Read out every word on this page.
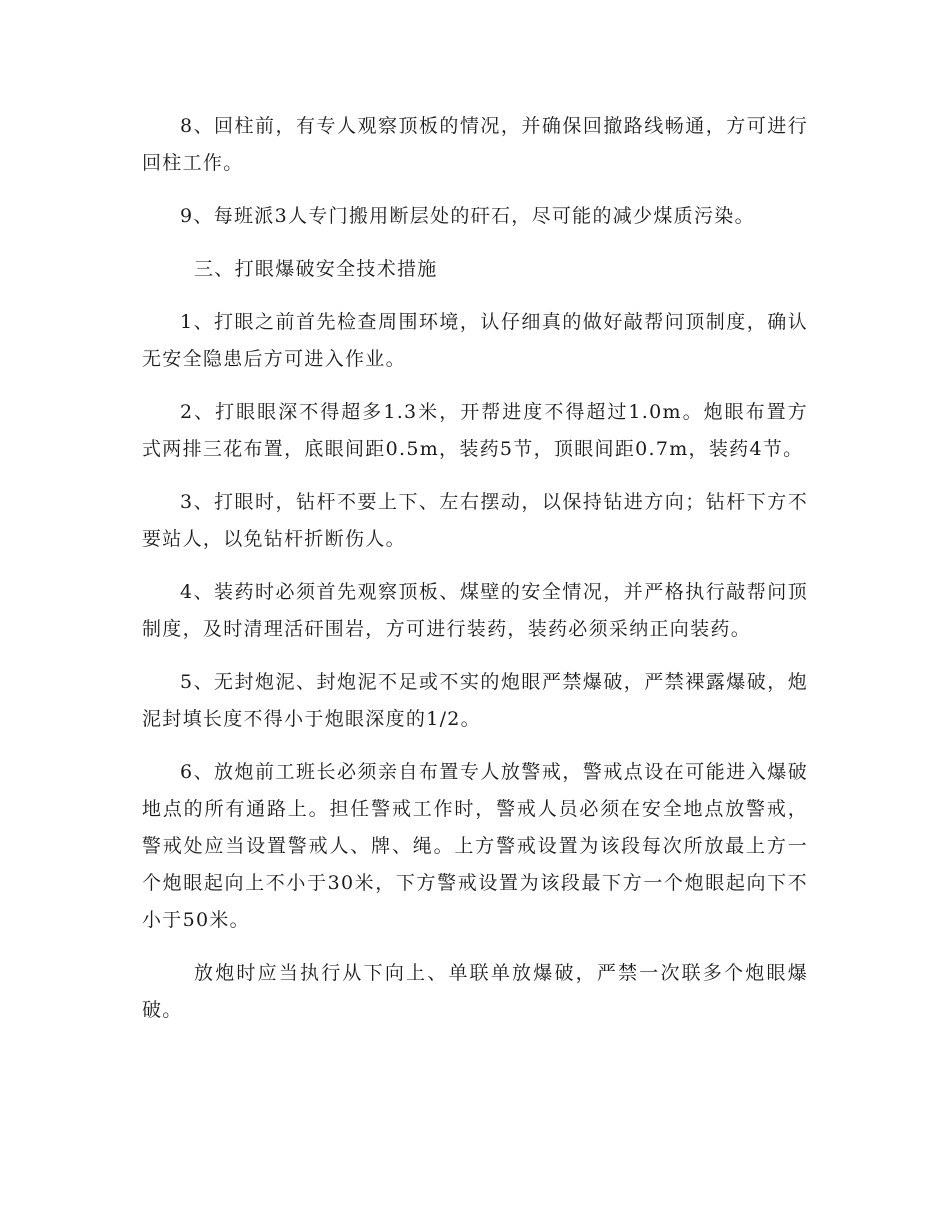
8、回柱前，有专人观察顶板的情况，并确保回撤路线畅通，方可进行回柱工作。

9、每班派3人专门搬用断层处的矸石，尽可能的减少煤质污染。

三、打眼爆破安全技术措施

1、打眼之前首先检查周围环境，认仔细真的做好敲帮问顶制度，确认无安全隐患后方可进入作业。

2、打眼眼深不得超多1.3米，开帮进度不得超过1.0m。炮眼布置方式两排三花布置，底眼间距0.5m，装药5节，顶眼间距0.7m，装药4节。

3、打眼时，钻杆不要上下、左右摆动，以保持钻进方向；钻杆下方不要站人，以免钻杆折断伤人。

4、装药时必须首先观察顶板、煤壁的安全情况，并严格执行敲帮问顶制度，及时清理活矸围岩，方可进行装药，装药必须采纳正向装药。

5、无封炮泥、封炮泥不足或不实的炮眼严禁爆破，严禁裸露爆破，炮泥封填长度不得小于炮眼深度的1/2。

6、放炮前工班长必须亲自布置专人放警戒，警戒点设在可能进入爆破地点的所有通路上。担任警戒工作时，警戒人员必须在安全地点放警戒，警戒处应当设置警戒人、牌、绳。上方警戒设置为该段每次所放最上方一个炮眼起向上不小于30米，下方警戒设置为该段最下方一个炮眼起向下不小于50米。

放炮时应当执行从下向上、单联单放爆破，严禁一次联多个炮眼爆破。
